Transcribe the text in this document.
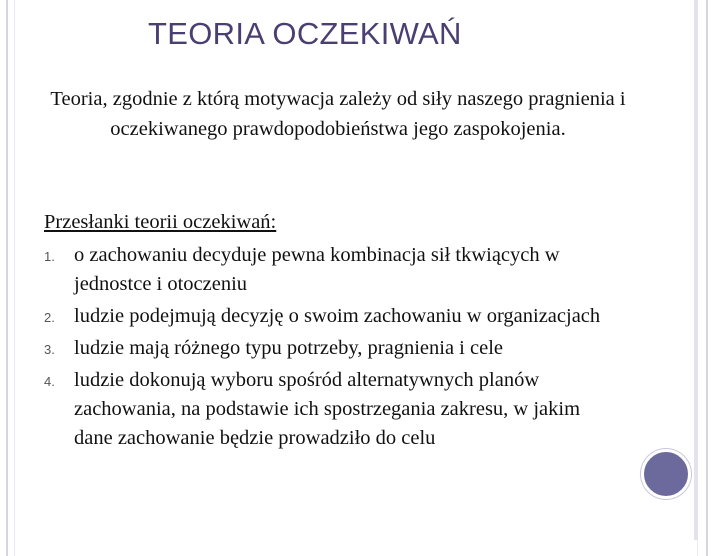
TEORIA OCZEKIWAŃ
Teoria, zgodnie z którą motywacja zależy od siły naszego pragnienia i oczekiwanego prawdopodobieństwa jego zaspokojenia.
Przesłanki teorii oczekiwań:
1. o zachowaniu decyduje pewna kombinacja sił tkwiących w jednostce i otoczeniu
2. ludzie podejmują decyzję o swoim zachowaniu w organizacjach
3. ludzie mają różnego typu potrzeby, pragnienia i cele
4. ludzie dokonują wyboru spośród alternatywnych planów zachowania, na podstawie ich spostrzegania zakresu, w jakim dane zachowanie będzie prowadziło do celu
